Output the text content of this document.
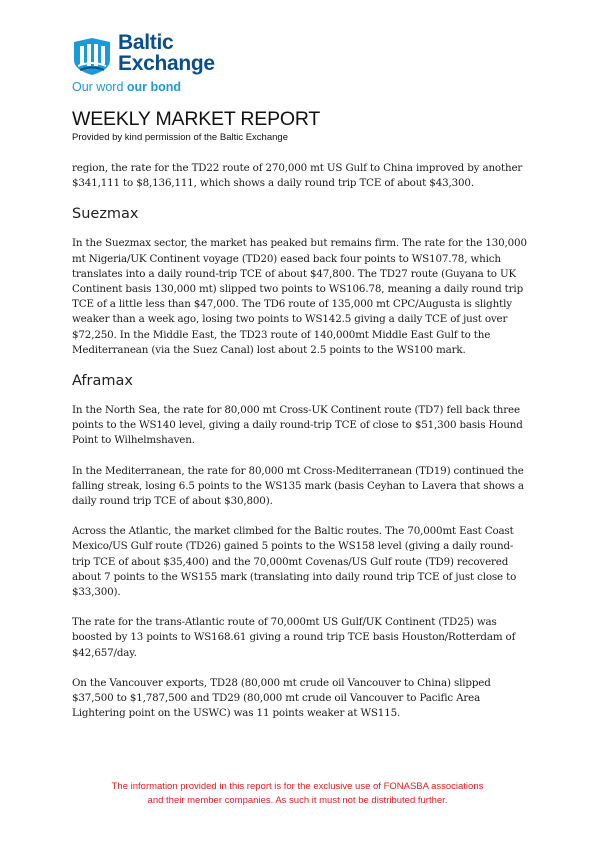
Baltic
Exchange
Our word our bond
WEEKLY MARKET REPORT

Provided by kind permission of the Baltic Exchange

region, the rate for the TD22 route of 270,000 mt US Gulf to China improved by another $341,111 to $8,136,111, which shows a daily round trip TCE of about $43,300.

Suezmax

In the Suezmax sector, the market has peaked but remains firm. The rate for the 130,000 mt Nigeria/UK Continent voyage (TD20) eased back four points to WS107.78, which translates into a daily round-trip TCE of about $47,800. The TD27 route (Guyana to UK Continent basis 130,000 mt) slipped two points to WS106.78, meaning a daily round trip TCE of a little less than $47,000. The TD6 route of 135,000 mt CPC/Augusta is slightly weaker than a week ago, losing two points to WS142.5 giving a daily TCE of just over $72,250. In the Middle East, the TD23 route of 140,000mt Middle East Gulf to the Mediterranean (via the Suez Canal) lost about 2.5 points to the WS100 mark.

Aframax

In the North Sea, the rate for 80,000 mt Cross-UK Continent route (TD7) fell back three points to the WS140 level, giving a daily round-trip TCE of close to $51,300 basis Hound Point to Wilhelmshaven.

In the Mediterranean, the rate for 80,000 mt Cross-Mediterranean (TD19) continued the falling streak, losing 6.5 points to the WS135 mark (basis Ceyhan to Lavera that shows a daily round trip TCE of about $30,800).

Across the Atlantic, the market climbed for the Baltic routes. The 70,000mt East Coast Mexico/US Gulf route (TD26) gained 5 points to the WS158 level (giving a daily round-trip TCE of about $35,400) and the 70,000mt Covenas/US Gulf route (TD9) recovered about 7 points to the WS155 mark (translating into daily round trip TCE of just close to $33,300).

The rate for the trans-Atlantic route of 70,000mt US Gulf/UK Continent (TD25) was boosted by 13 points to WS168.61 giving a round trip TCE basis Houston/Rotterdam of $42,657/day.

On the Vancouver exports, TD28 (80,000 mt crude oil Vancouver to China) slipped $37,500 to $1,787,500 and TD29 (80,000 mt crude oil Vancouver to Pacific Area Lightering point on the USWC) was 11 points weaker at WS115.

The information provided in this report is for the exclusive use of FONASBA associations
and their member companies. As such it must not be distributed further.
